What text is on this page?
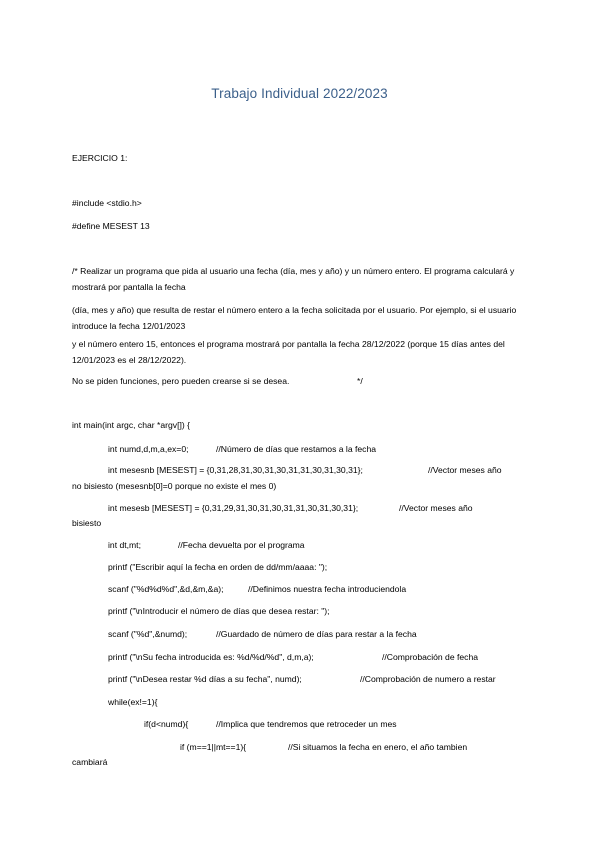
Trabajo Individual 2022/2023
EJERCICIO 1:
#include <stdio.h>
#define MESEST 13
/* Realizar un programa que pida al usuario una fecha (día, mes y año) y un número entero. El programa calculará y mostrará por pantalla la fecha
(día, mes y año) que resulta de restar el número entero a la fecha solicitada por el usuario. Por ejemplo, si el usuario introduce la fecha 12/01/2023
y el número entero 15, entonces el programa mostrará por pantalla la fecha 28/12/2022 (porque 15 días antes del 12/01/2023 es el 28/12/2022).
No se piden funciones, pero pueden crearse si se desea.	*/
int main(int argc, char *argv[]) {
int numd,d,m,a,ex=0;	//Número de días que restamos a la fecha
int mesesnb [MESEST] = {0,31,28,31,30,31,30,31,31,30,31,30,31};	//Vector meses año
no bisiesto (mesesnb[0]=0 porque no existe el mes 0)
int mesesb [MESEST] = {0,31,29,31,30,31,30,31,31,30,31,30,31};	//Vector meses año
bisiesto
int dt,mt;	//Fecha devuelta por el programa
printf ("Escribir aquí la fecha en orden de dd/mm/aaaa: ");
scanf ("%d%d%d",&d,&m,&a);	//Definimos nuestra fecha introduciendola
printf ("\nIntroducir el número de días que desea restar: ");
scanf ("%d",&numd);	//Guardado de número de días para restar a la fecha
printf ("\nSu fecha introducida es: %d/%d/%d", d,m,a);	//Comprobación de fecha
printf ("\nDesea restar %d días a su fecha", numd);	//Comprobación de numero a restar
while(ex!=1){
if(d<numd){	//Implica que tendremos que retroceder un mes
if (m==1||mt==1){	//Si situamos la fecha en enero, el año tambien
cambiará
